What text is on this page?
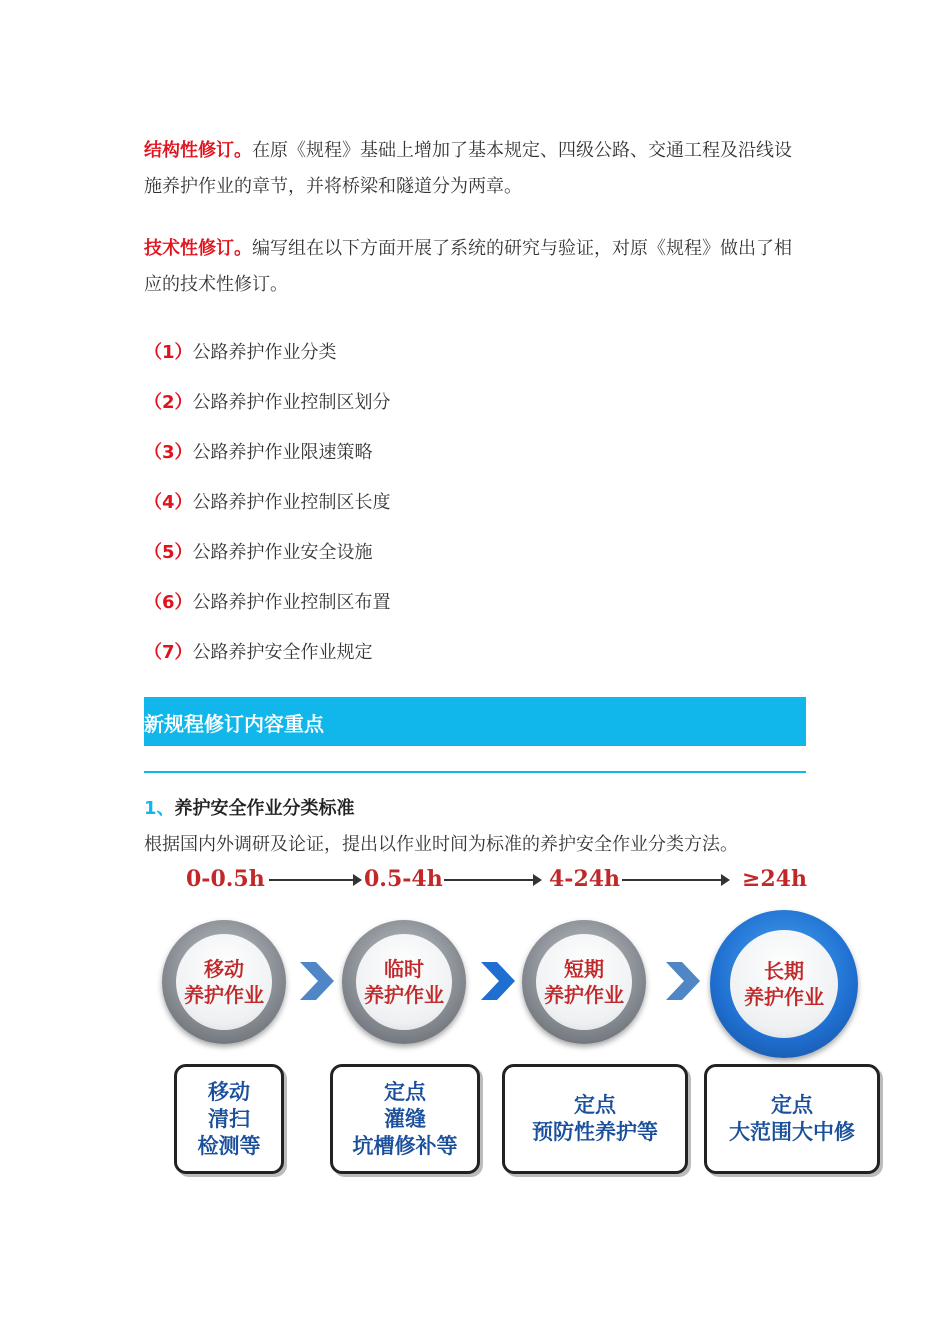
结构性修订。在原《规程》基础上增加了基本规定、四级公路、交通工程及沿线设
施养护作业的章节，并将桥梁和隧道分为两章。
技术性修订。编写组在以下方面开展了系统的研究与验证，对原《规程》做出了相
应的技术性修订。
（1）公路养护作业分类
（2）公路养护作业控制区划分
（3）公路养护作业限速策略
（4）公路养护作业控制区长度
（5）公路养护作业安全设施
（6）公路养护作业控制区布置
（7）公路养护安全作业规定
新规程修订内容重点
1、养护安全作业分类标准
根据国内外调研及论证，提出以作业时间为标准的养护安全作业分类方法。
0-0.5h	0.5-4h	4-24h	≥24h
移动
养护作业
临时
养护作业
短期
养护作业
长期
养护作业
移动
清扫
检测等
定点
灌缝
坑槽修补等
定点
预防性养护等
定点
大范围大中修
